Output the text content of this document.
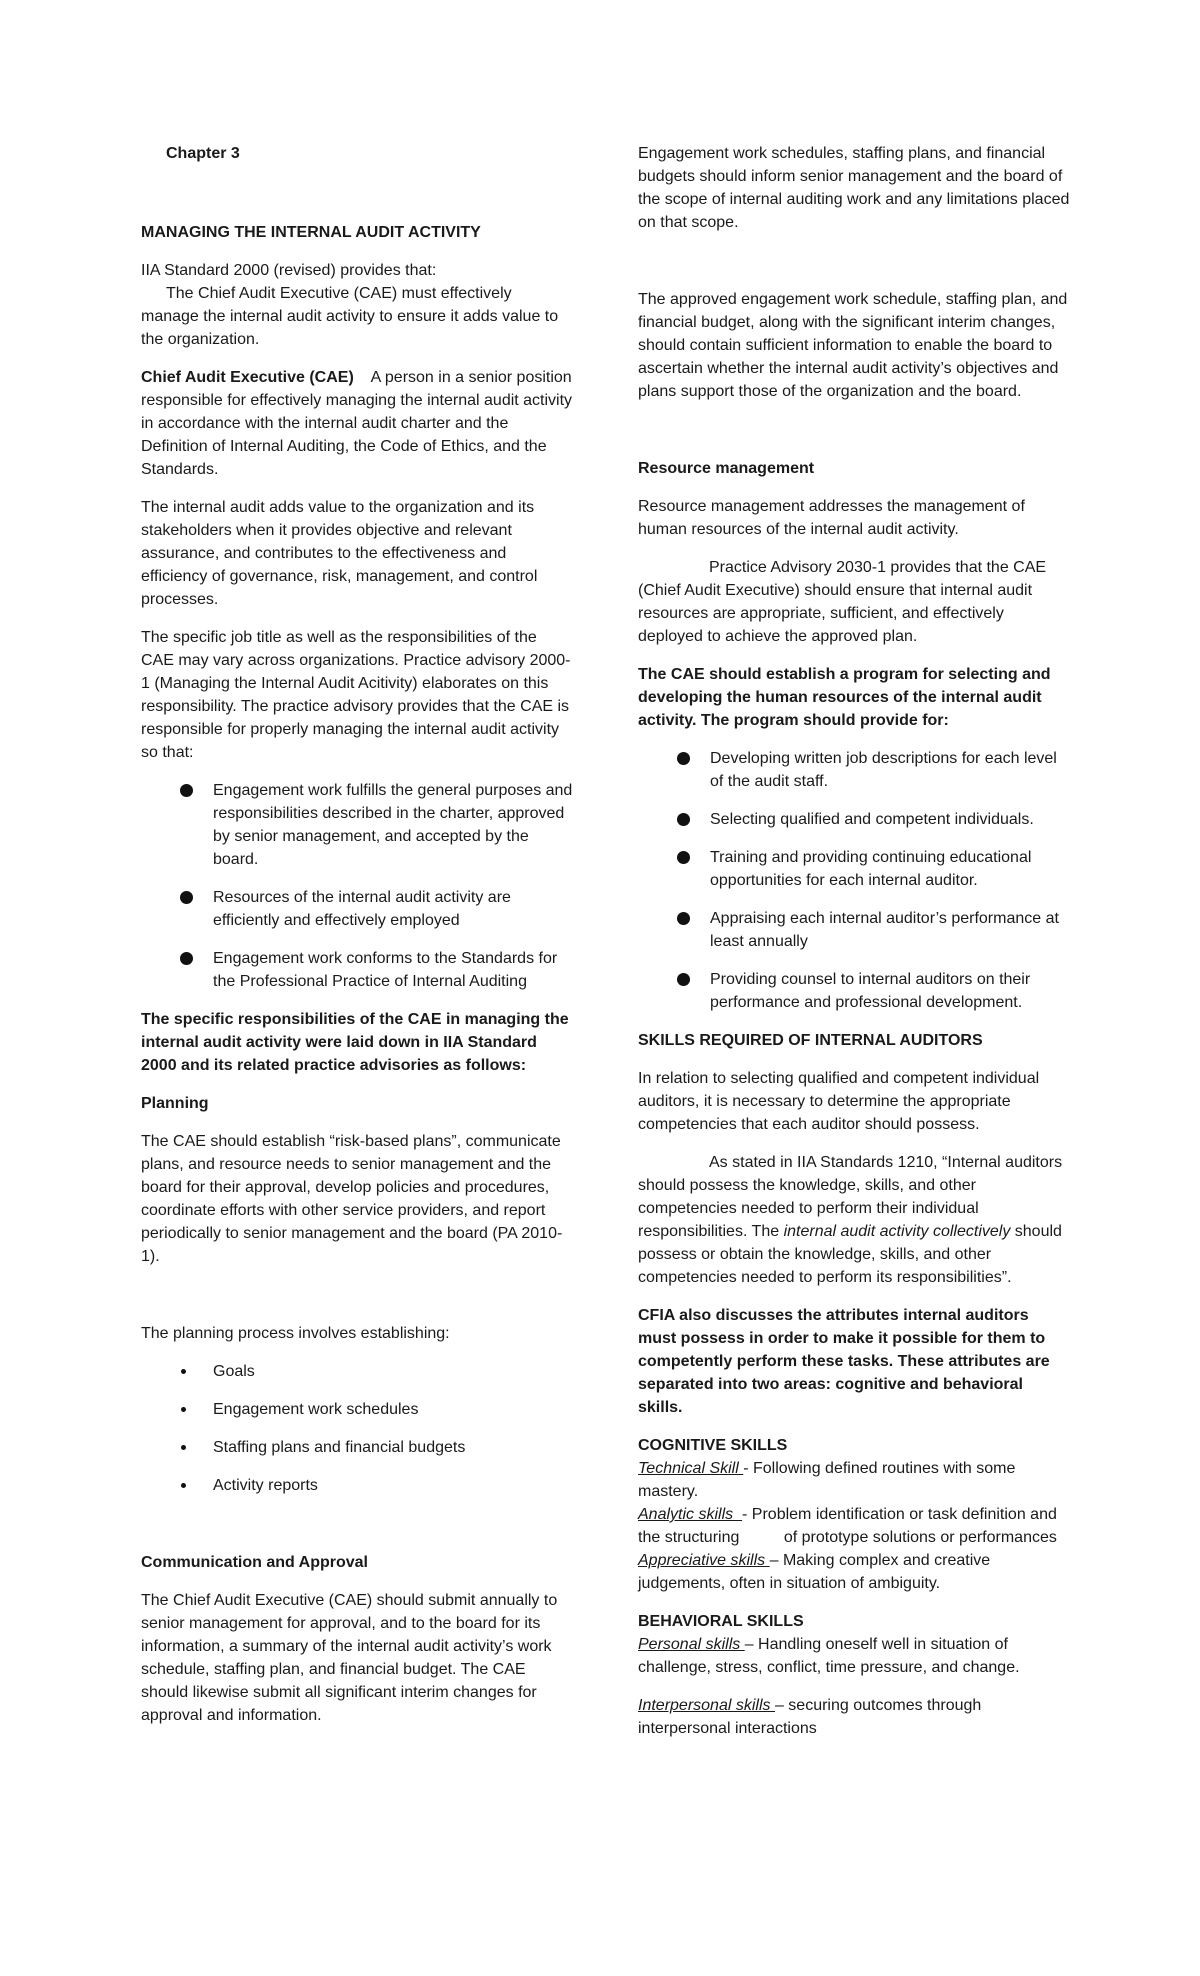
Chapter 3

MANAGING THE INTERNAL AUDIT ACTIVITY

IIA Standard 2000 (revised) provides that:

The Chief Audit Executive (CAE) must effectively manage the internal audit activity to ensure it adds value to the organization.

Chief Audit Executive (CAE) A person in a senior position responsible for effectively managing the internal audit activity in accordance with the internal audit charter and the Definition of Internal Auditing, the Code of Ethics, and the Standards.

The internal audit adds value to the organization and its stakeholders when it provides objective and relevant assurance, and contributes to the effectiveness and efficiency of governance, risk, management, and control processes.

The specific job title as well as the responsibilities of the CAE may vary across organizations. Practice advisory 2000-1 (Managing the Internal Audit Acitivity) elaborates on this responsibility. The practice advisory provides that the CAE is responsible for properly managing the internal audit activity so that:

Engagement work fulfills the general purposes and responsibilities described in the charter, approved by senior management, and accepted by the board.
Resources of the internal audit activity are efficiently and effectively employed
Engagement work conforms to the Standards for the Professional Practice of Internal Auditing

The specific responsibilities of the CAE in managing the internal audit activity were laid down in IIA Standard 2000 and its related practice advisories as follows:

Planning

The CAE should establish “risk-based plans”, communicate plans, and resource needs to senior management and the board for their approval, develop policies and procedures, coordinate efforts with other service providers, and report periodically to senior management and the board (PA 2010-1).

The planning process involves establishing:

Goals
Engagement work schedules
Staffing plans and financial budgets
Activity reports

Communication and Approval

The Chief Audit Executive (CAE) should submit annually to senior management for approval, and to the board for its information, a summary of the internal audit activity’s work schedule, staffing plan, and financial budget. The CAE should likewise submit all significant interim changes for approval and information.

Engagement work schedules, staffing plans, and financial budgets should inform senior management and the board of the scope of internal auditing work and any limitations placed on that scope.

The approved engagement work schedule, staffing plan, and financial budget, along with the significant interim changes, should contain sufficient information to enable the board to ascertain whether the internal audit activity’s objectives and plans support those of the organization and the board.

Resource management

Resource management addresses the management of human resources of the internal audit activity.

Practice Advisory 2030-1 provides that the CAE (Chief Audit Executive) should ensure that internal audit resources are appropriate, sufficient, and effectively deployed to achieve the approved plan.

The CAE should establish a program for selecting and developing the human resources of the internal audit activity. The program should provide for:

Developing written job descriptions for each level of the audit staff.
Selecting qualified and competent individuals.
Training and providing continuing educational opportunities for each internal auditor.
Appraising each internal auditor’s performance at least annually
Providing counsel to internal auditors on their performance and professional development.

SKILLS REQUIRED OF INTERNAL AUDITORS

In relation to selecting qualified and competent individual auditors, it is necessary to determine the appropriate competencies that each auditor should possess.

As stated in IIA Standards 1210, “Internal auditors should possess the knowledge, skills, and other competencies needed to perform their individual responsibilities. The internal audit activity collectively should possess or obtain the knowledge, skills, and other competencies needed to perform its responsibilities”.

CFIA also discusses the attributes internal auditors must possess in order to make it possible for them to competently perform these tasks. These attributes are separated into two areas: cognitive and behavioral skills.

COGNITIVE SKILLS

Technical Skill - Following defined routines with some mastery.

Analytic skills  - Problem identification or task definition and the structuring          of prototype solutions or performances

Appreciative skills – Making complex and creative judgements, often in situation of ambiguity.

BEHAVIORAL SKILLS

Personal skills – Handling oneself well in situation of challenge, stress, conflict, time pressure, and change.

Interpersonal skills – securing outcomes through interpersonal interactions
